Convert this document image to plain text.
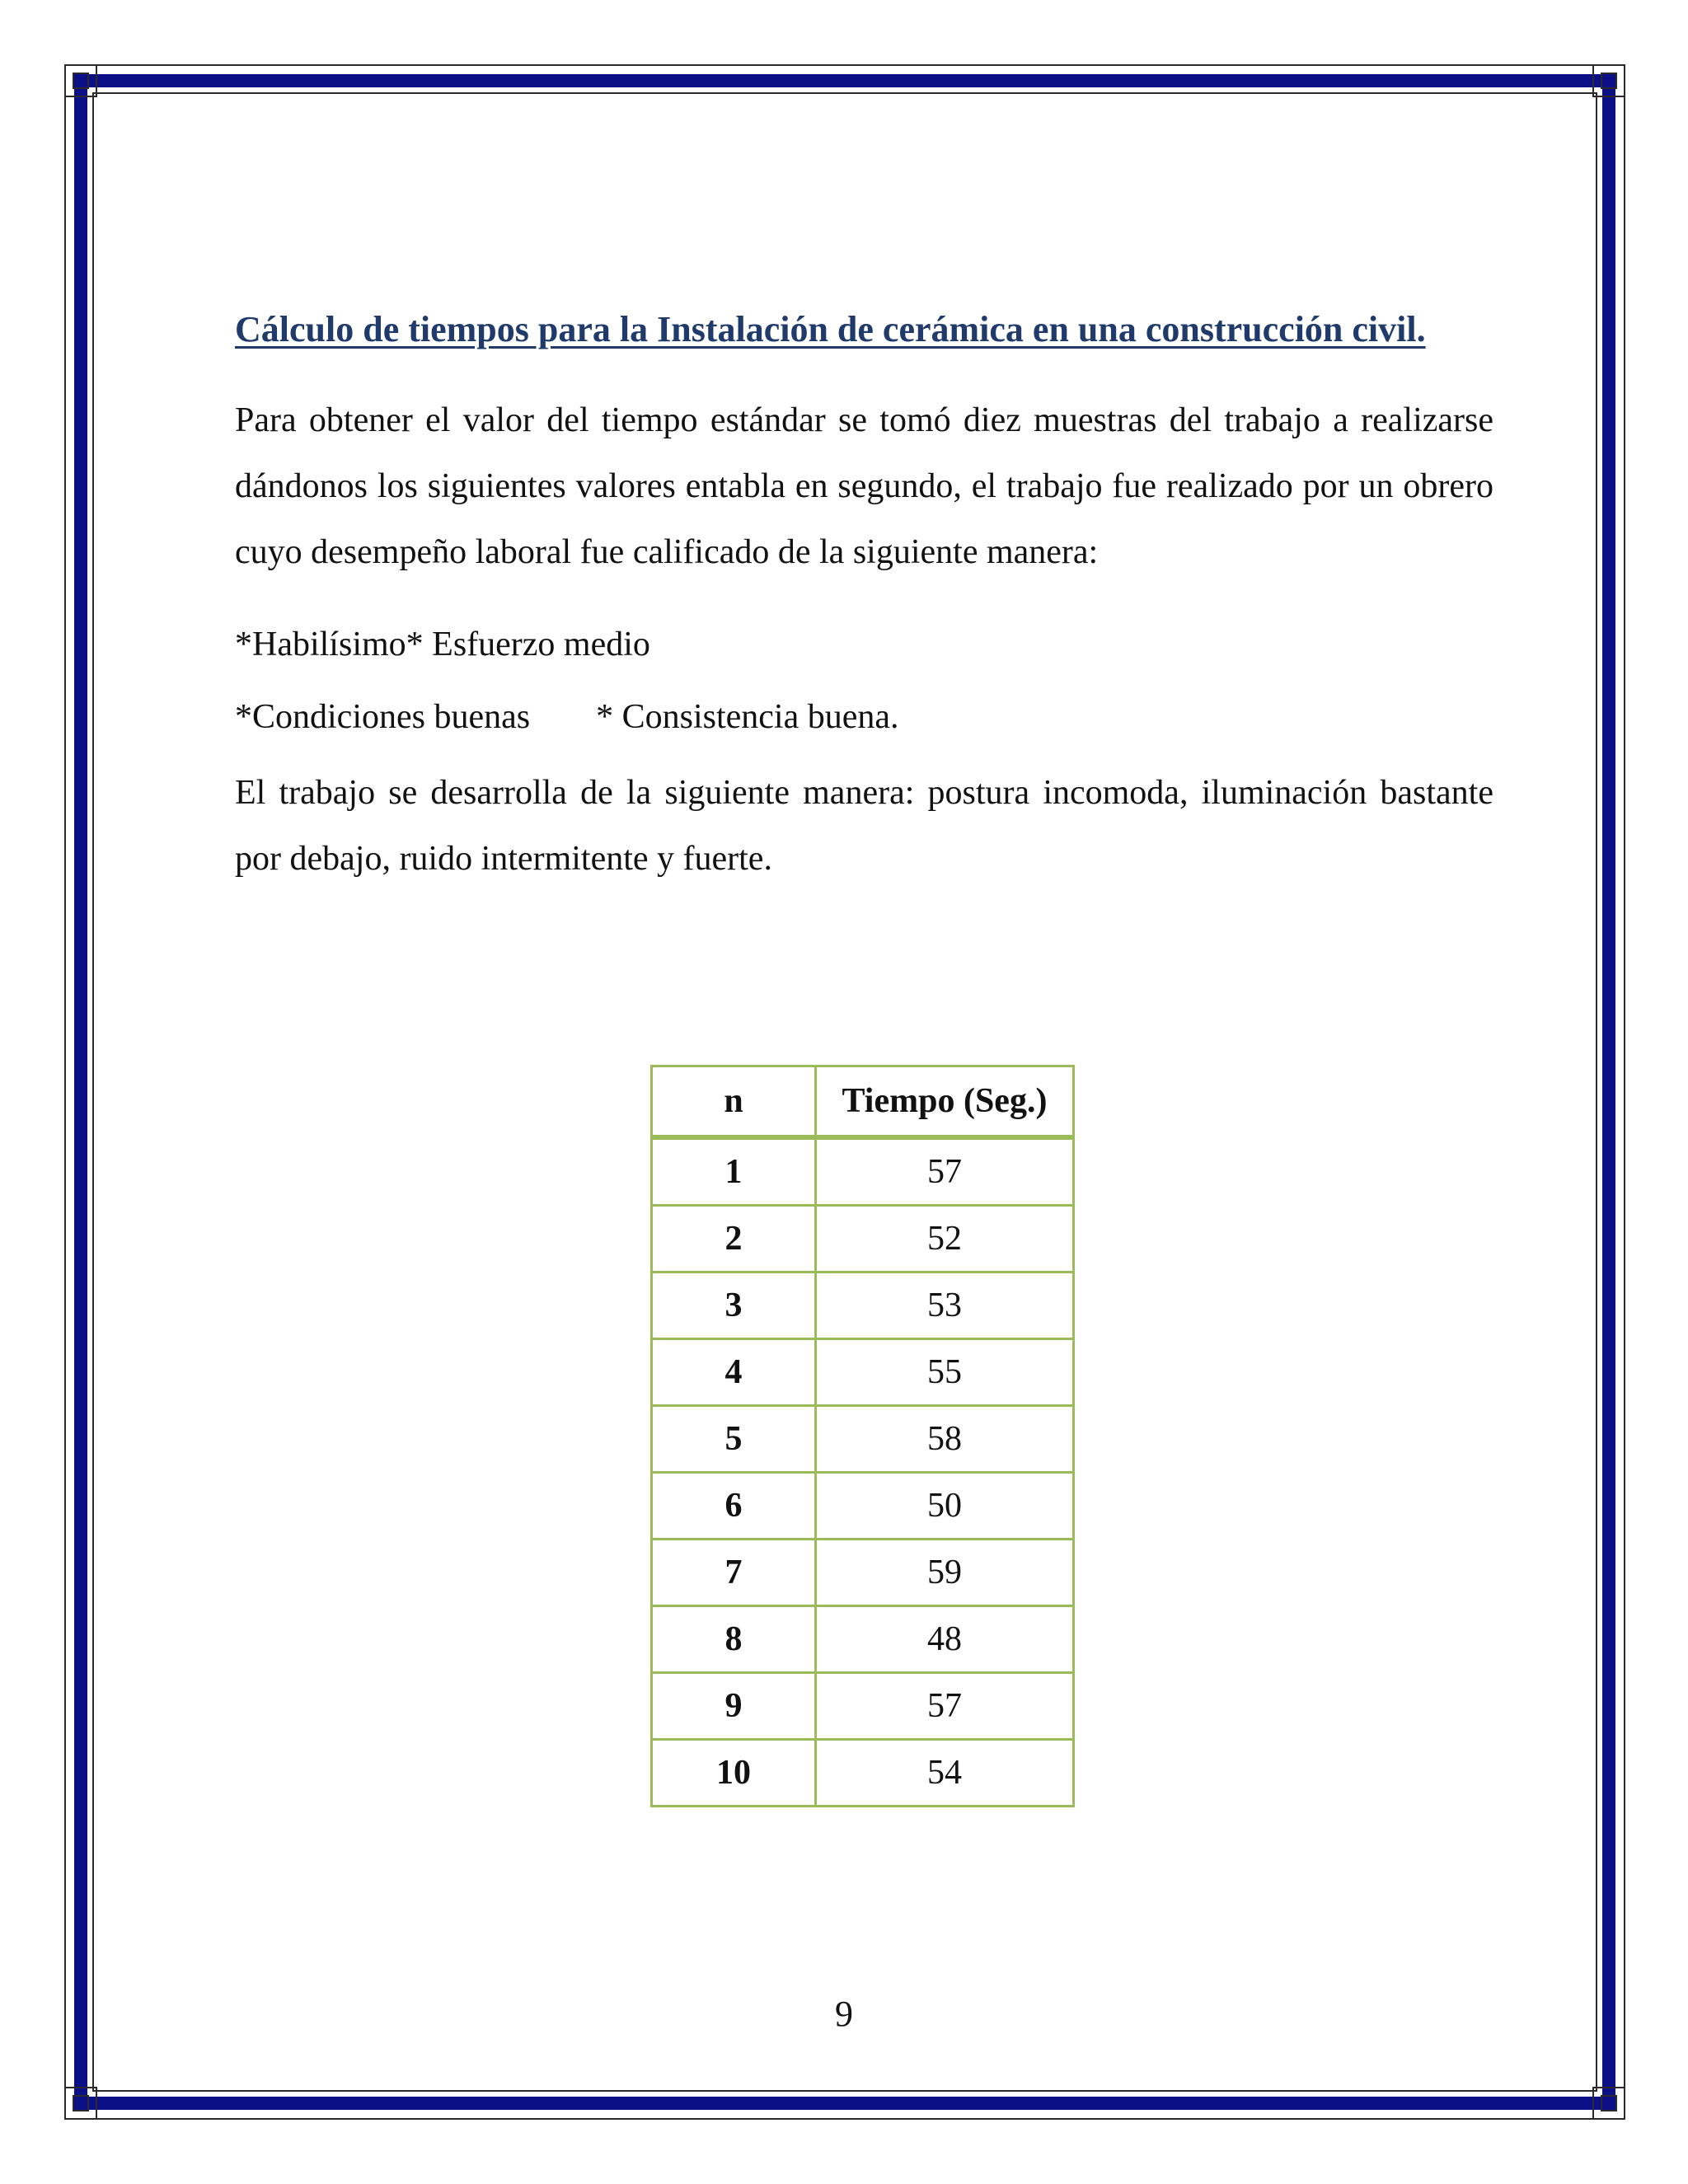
Cálculo de tiempos para la Instalación de cerámica en una construcción civil.

Para obtener el valor del tiempo estándar se tomó diez muestras del trabajo a realizarse dándonos los siguientes valores entabla en segundo, el trabajo fue realizado por un obrero cuyo desempeño laboral fue calificado de la siguiente manera:

*Habilísimo* Esfuerzo medio

*Condiciones buenas * Consistencia buena.

El trabajo se desarrolla de la siguiente manera: postura incomoda, iluminación bastante por debajo, ruido intermitente y fuerte.

n	Tiempo (Seg.)
1	57
2	52
3	53
4	55
5	58
6	50
7	59
8	48
9	57
10	54
9
